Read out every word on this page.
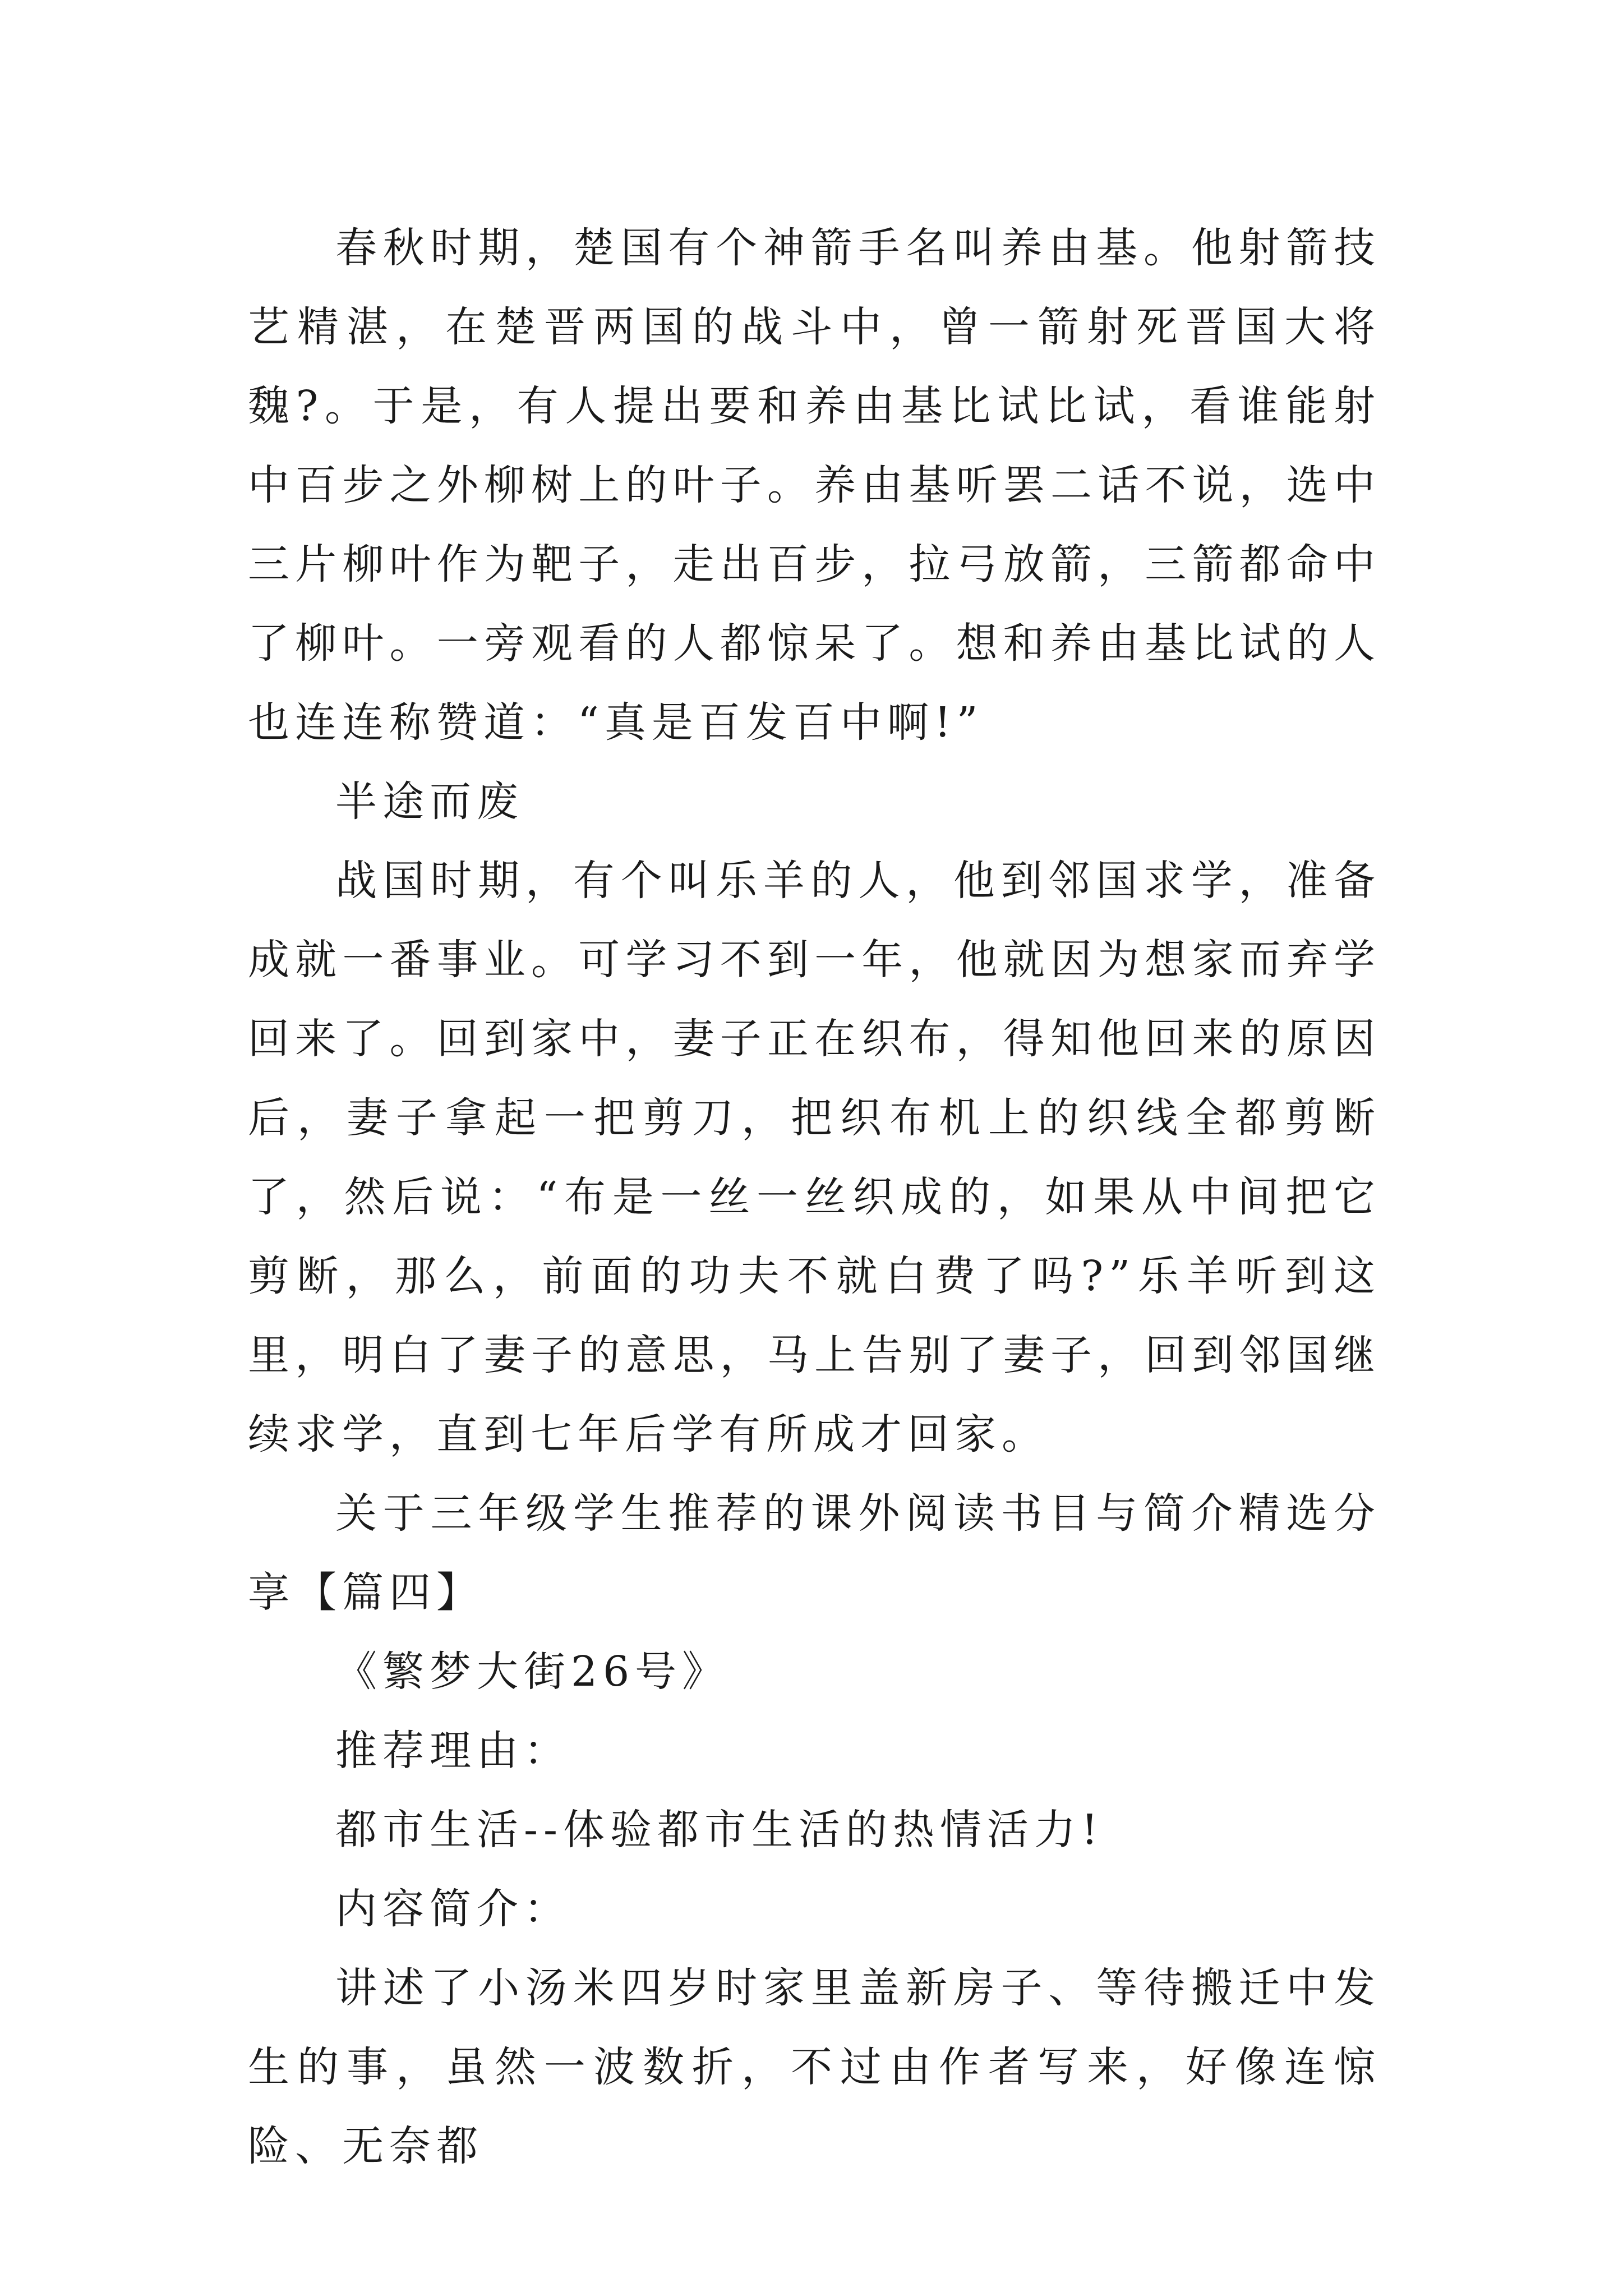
春秋时期，楚国有个神箭手名叫养由基。他射箭技艺精湛，在楚晋两国的战斗中，曾一箭射死晋国大将魏?。于是，有人提出要和养由基比试比试，看谁能射中百步之外柳树上的叶子。养由基听罢二话不说，选中三片柳叶作为靶子，走出百步，拉弓放箭，三箭都命中了柳叶。一旁观看的人都惊呆了。想和养由基比试的人也连连称赞道：“真是百发百中啊!”

半途而废

战国时期，有个叫乐羊的人，他到邻国求学，准备成就一番事业。可学习不到一年，他就因为想家而弃学回来了。回到家中，妻子正在织布，得知他回来的原因后，妻子拿起一把剪刀，把织布机上的织线全都剪断了，然后说：“布是一丝一丝织成的，如果从中间把它剪断，那么，前面的功夫不就白费了吗?”乐羊听到这里，明白了妻子的意思，马上告别了妻子，回到邻国继续求学，直到七年后学有所成才回家。

关于三年级学生推荐的课外阅读书目与简介精选分享【篇四】

《繁梦大街26号》

推荐理由：

都市生活--体验都市生活的热情活力!

内容简介：

讲述了小汤米四岁时家里盖新房子、等待搬迁中发生的事，虽然一波数折，不过由作者写来，好像连惊险、无奈都
